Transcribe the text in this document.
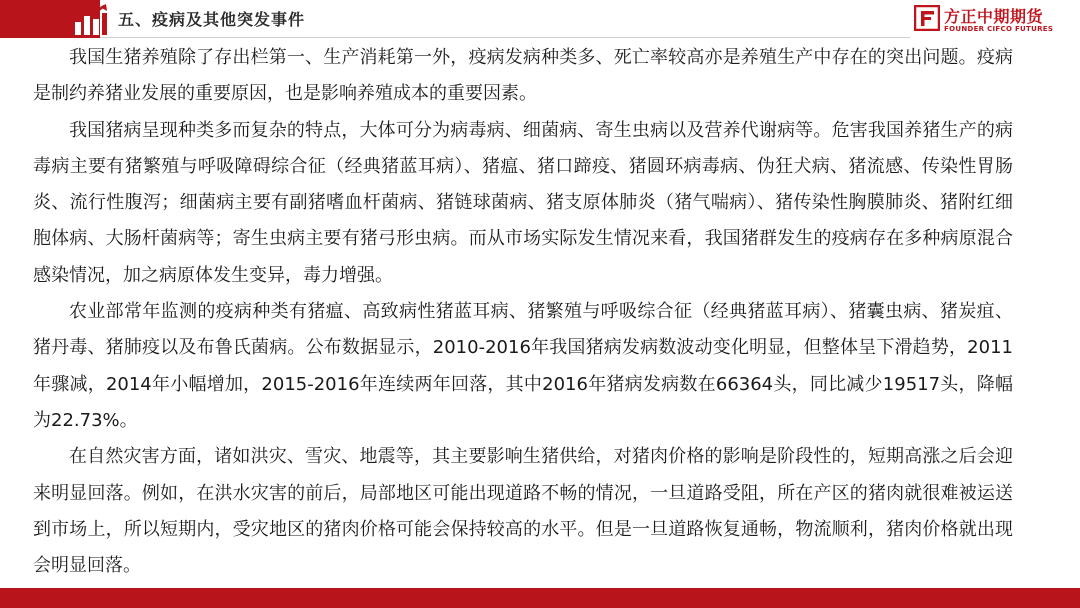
五、疫病及其他突发事件	方正中期期货
FOUNDER CIFCO FUTURES

我国生猪养殖除了存出栏第一、生产消耗第一外，疫病发病种类多、死亡率较高亦是养殖生产中存在的突出问题。疫病是制约养猪业发展的重要原因，也是影响养殖成本的重要因素。

我国猪病呈现种类多而复杂的特点，大体可分为病毒病、细菌病、寄生虫病以及营养代谢病等。危害我国养猪生产的病毒病主要有猪繁殖与呼吸障碍综合征（经典猪蓝耳病）、猪瘟、猪口蹄疫、猪圆环病毒病、伪狂犬病、猪流感、传染性胃肠炎、流行性腹泻；细菌病主要有副猪嗜血杆菌病、猪链球菌病、猪支原体肺炎（猪气喘病）、猪传染性胸膜肺炎、猪附红细胞体病、大肠杆菌病等；寄生虫病主要有猪弓形虫病。而从市场实际发生情况来看，我国猪群发生的疫病存在多种病原混合感染情况，加之病原体发生变异，毒力增强。

农业部常年监测的疫病种类有猪瘟、高致病性猪蓝耳病、猪繁殖与呼吸综合征（经典猪蓝耳病）、猪囊虫病、猪炭疽、猪丹毒、猪肺疫以及布鲁氏菌病。公布数据显示，2010-2016年我国猪病发病数波动变化明显，但整体呈下滑趋势，2011年骤减，2014年小幅增加，2015-2016年连续两年回落，其中2016年猪病发病数在66364头，同比减少19517头，降幅为22.73%。

在自然灾害方面，诸如洪灾、雪灾、地震等，其主要影响生猪供给，对猪肉价格的影响是阶段性的，短期高涨之后会迎来明显回落。例如，在洪水灾害的前后，局部地区可能出现道路不畅的情况，一旦道路受阻，所在产区的猪肉就很难被运送到市场上，所以短期内，受灾地区的猪肉价格可能会保持较高的水平。但是一旦道路恢复通畅，物流顺利，猪肉价格就出现会明显回落。
